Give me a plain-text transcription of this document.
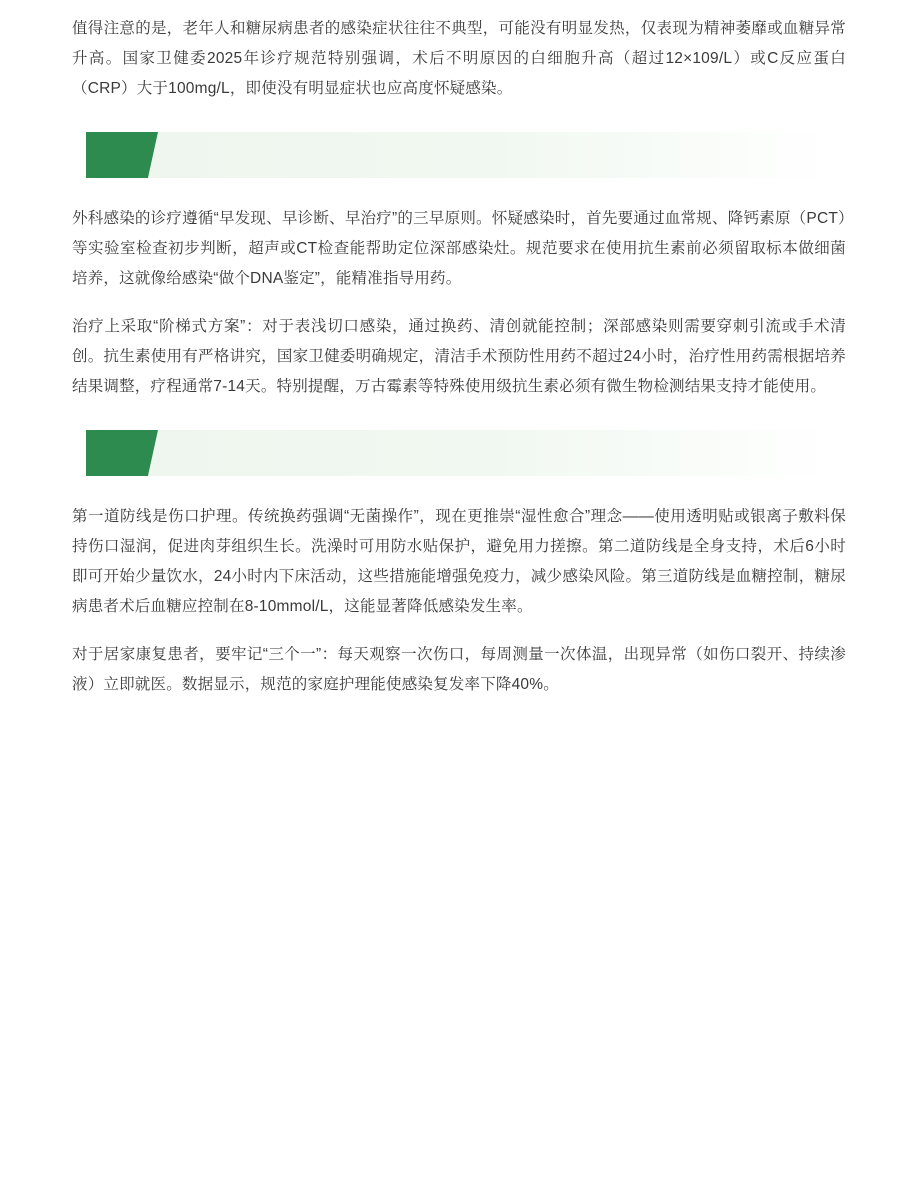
值得注意的是，老年人和糖尿病患者的感染症状往往不典型，可能没有明显发热，仅表现为精神萎靡或血糖异常升高。国家卫健委2025年诊疗规范特别强调，术后不明原因的白细胞升高（超过12×109/L）或C反应蛋白（CRP）大于100mg/L，即使没有明显症状也应高度怀疑感染。

外科感染的诊疗遵循“早发现、早诊断、早治疗”的三早原则。怀疑感染时，首先要通过血常规、降钙素原（PCT）等实验室检查初步判断，超声或CT检查能帮助定位深部感染灶。规范要求在使用抗生素前必须留取标本做细菌培养，这就像给感染“做个DNA鉴定”，能精准指导用药。

治疗上采取“阶梯式方案”：对于表浅切口感染，通过换药、清创就能控制；深部感染则需要穿刺引流或手术清创。抗生素使用有严格讲究，国家卫健委明确规定，清洁手术预防性用药不超过24小时，治疗性用药需根据培养结果调整，疗程通常7-14天。特别提醒，万古霉素等特殊使用级抗生素必须有微生物检测结果支持才能使用。

第一道防线是伤口护理。传统换药强调“无菌操作”，现在更推崇“湿性愈合”理念——使用透明贴或银离子敷料保持伤口湿润，促进肉芽组织生长。洗澡时可用防水贴保护，避免用力搓擦。第二道防线是全身支持，术后6小时即可开始少量饮水，24小时内下床活动，这些措施能增强免疫力，减少感染风险。第三道防线是血糖控制，糖尿病患者术后血糖应控制在8-10mmol/L，这能显著降低感染发生率。

对于居家康复患者，要牢记“三个一”：每天观察一次伤口，每周测量一次体温，出现异常（如伤口裂开、持续渗液）立即就医。数据显示，规范的家庭护理能使感染复发率下降40%。
